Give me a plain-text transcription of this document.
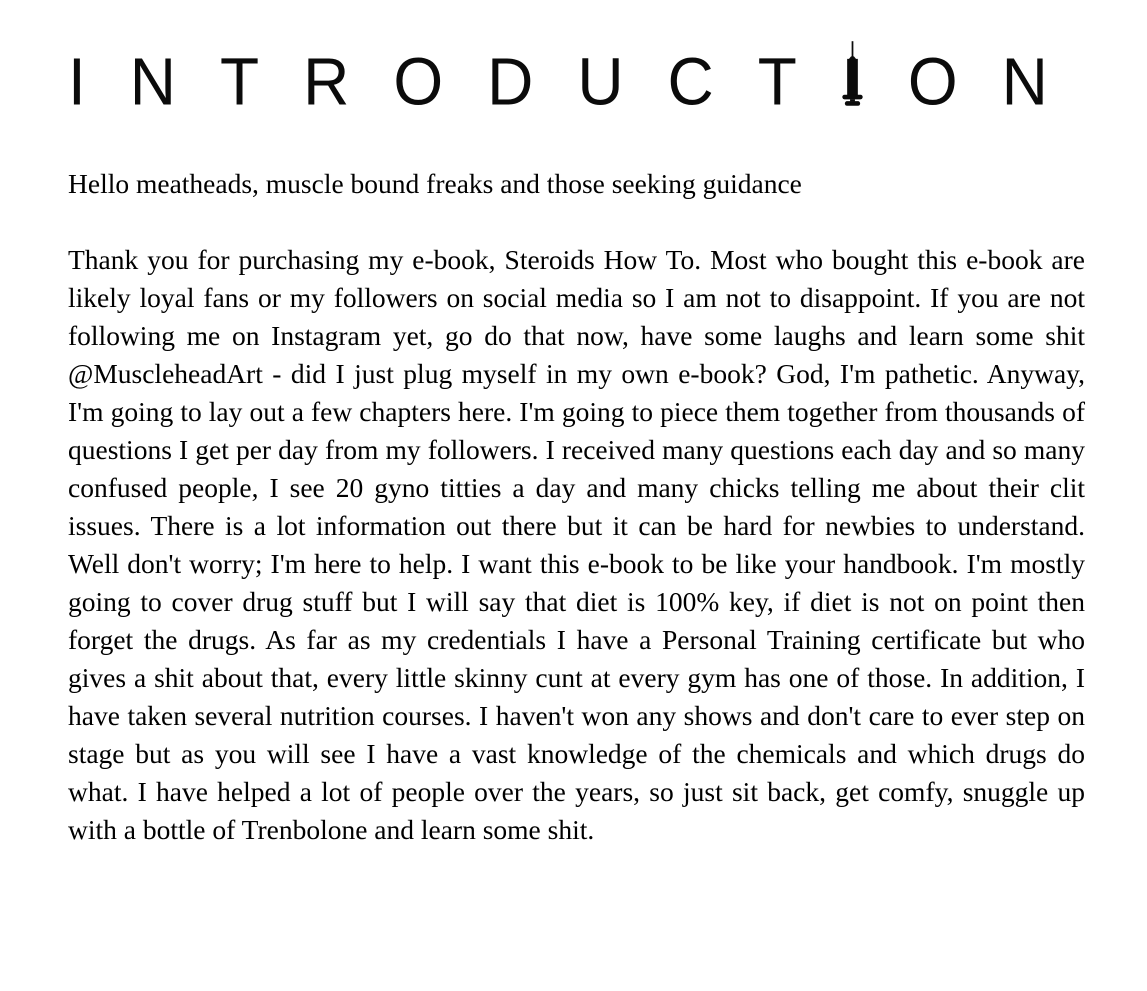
INTRODUCT ON

Hello meatheads, muscle bound freaks and those seeking guidance

Thank you for purchasing my e-book, Steroids How To. Most who bought this e-book are likely loyal fans or my followers on social media so I am not to disappoint. If you are not following me on Instagram yet, go do that now, have some laughs and learn some shit @MuscleheadArt - did I just plug myself in my own e-book? God, I'm pathetic. Anyway, I'm going to lay out a few chapters here. I'm going to piece them together from thousands of questions I get per day from my followers. I received many questions each day and so many confused people, I see 20 gyno titties a day and many chicks telling me about their clit issues. There is a lot information out there but it can be hard for newbies to understand. Well don't worry; I'm here to help. I want this e-book to be like your handbook. I'm mostly going to cover drug stuff but I will say that diet is 100% key, if diet is not on point then forget the drugs. As far as my credentials I have a Personal Training certificate but who gives a shit about that, every little skinny cunt at every gym has one of those. In addition, I have taken several nutrition courses. I haven't won any shows and don't care to ever step on stage but as you will see I have a vast knowledge of the chemicals and which drugs do what. I have helped a lot of people over the years, so just sit back, get comfy, snuggle up with a bottle of Trenbolone and learn some shit.
